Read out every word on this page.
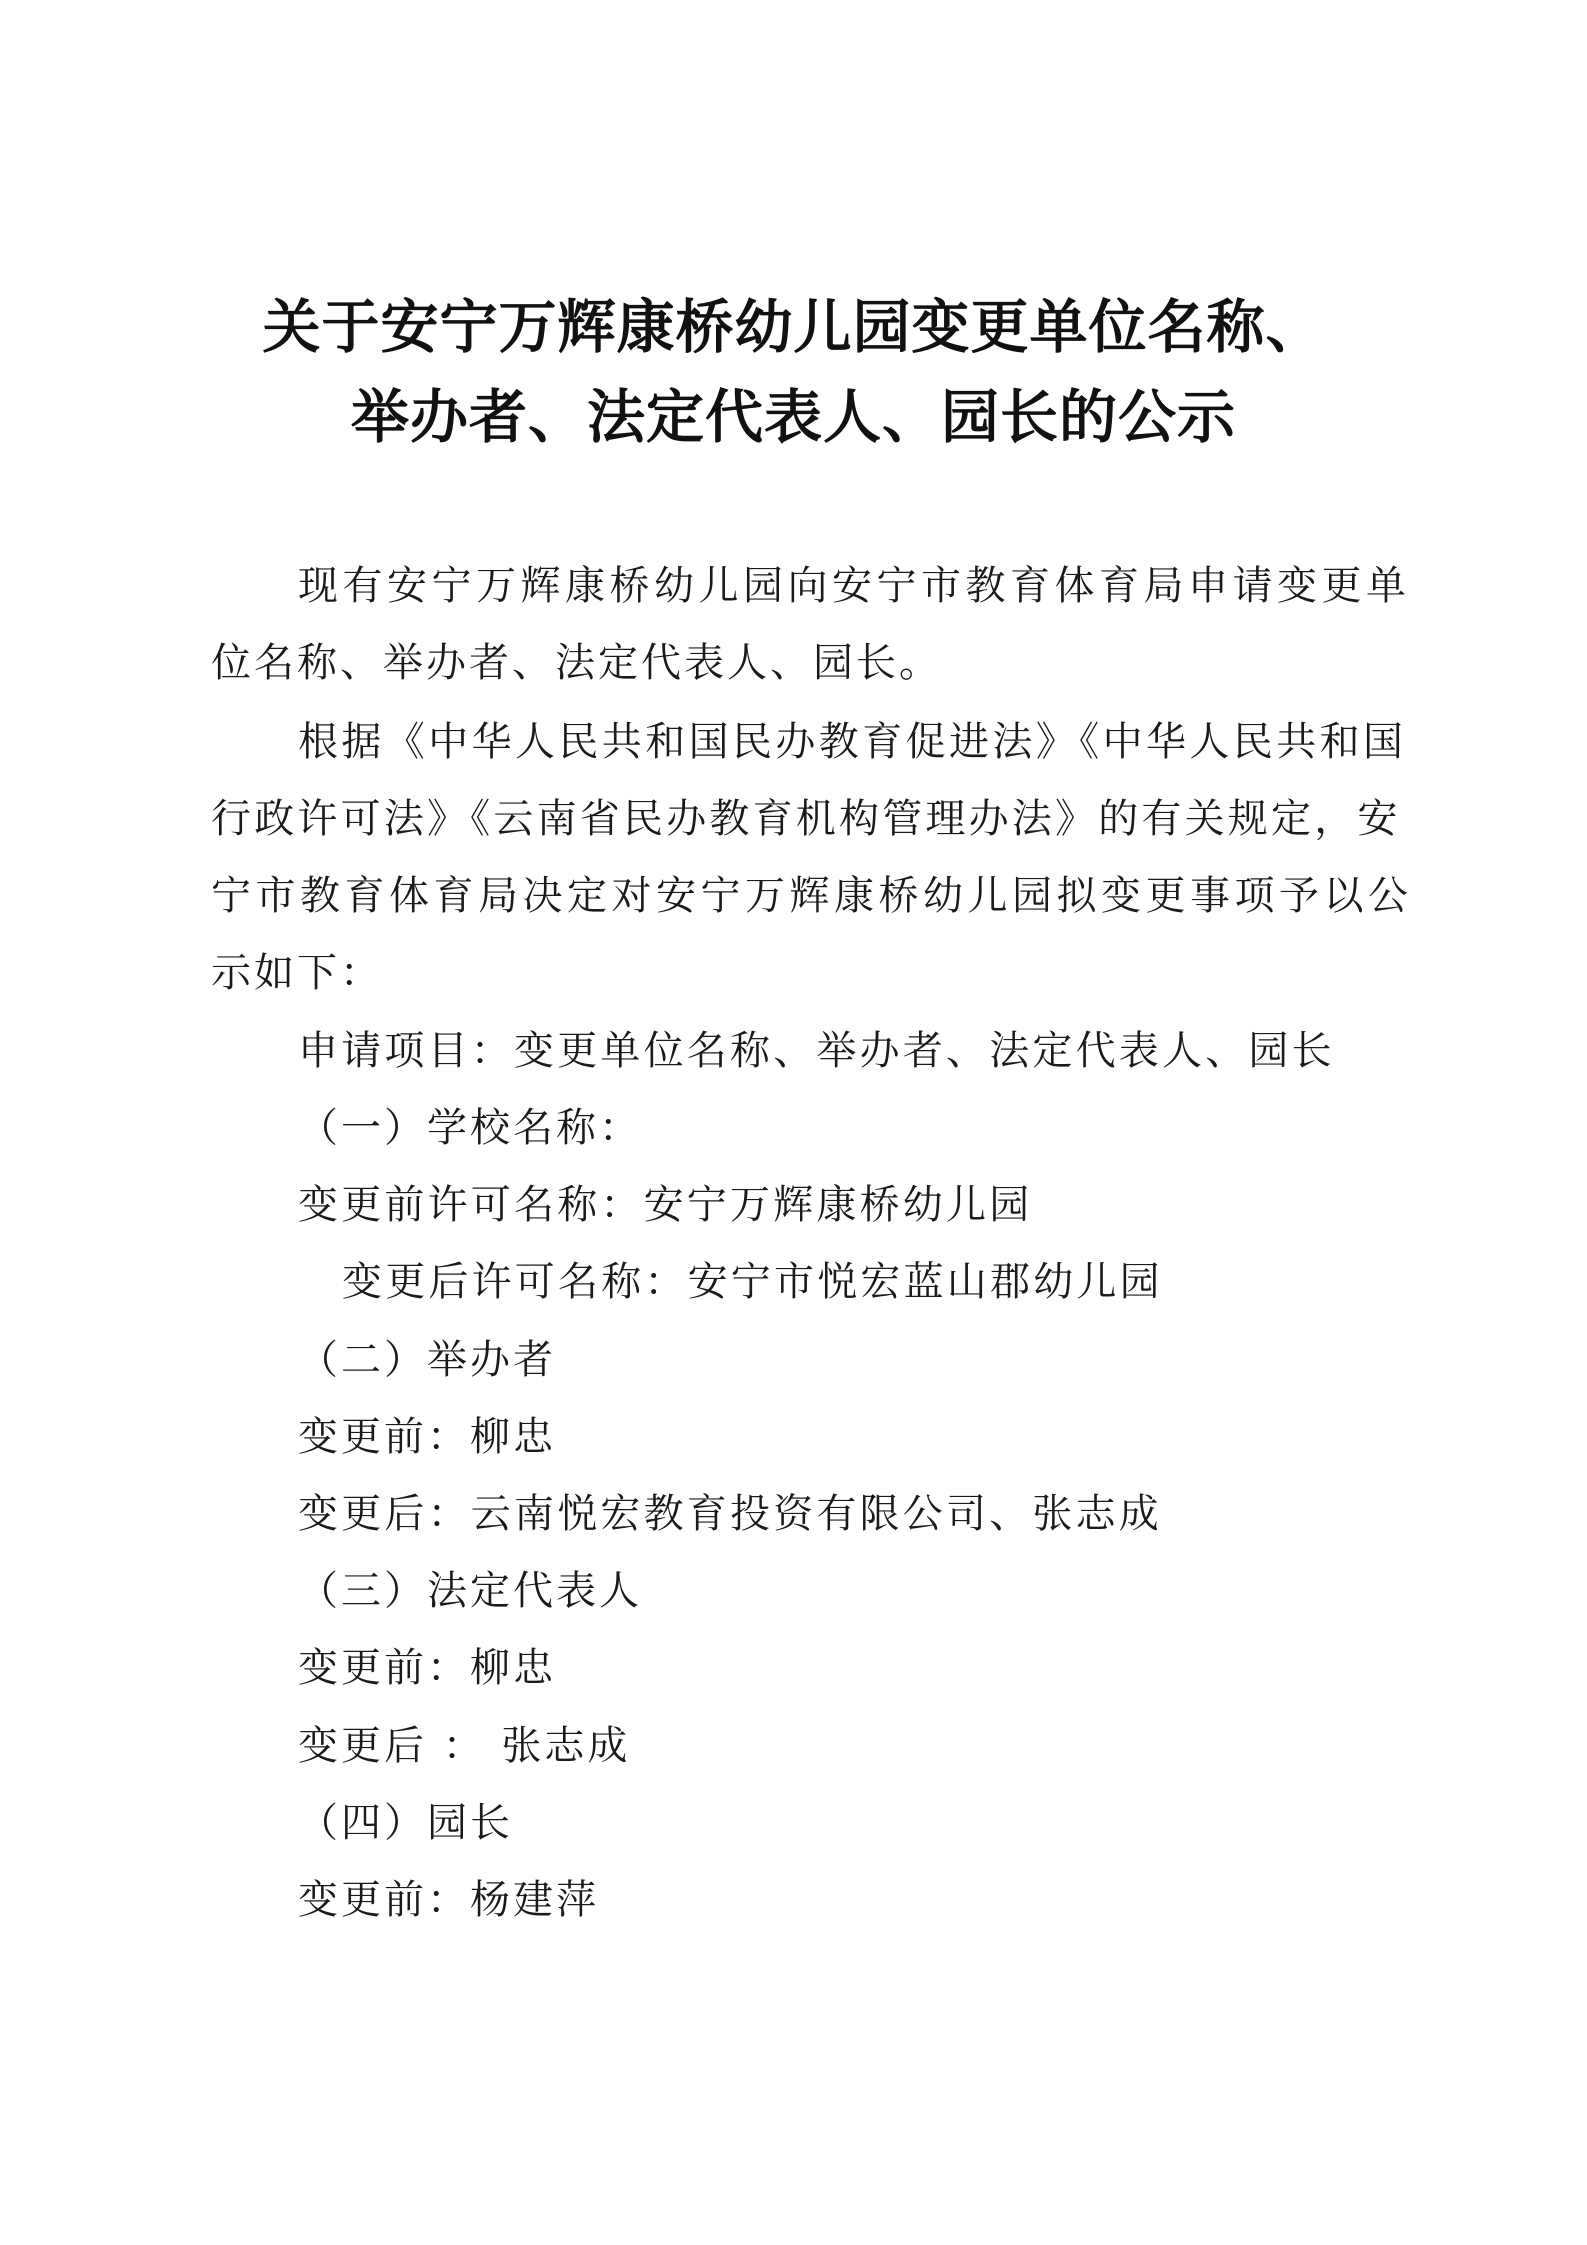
关于安宁万辉康桥幼儿园变更单位名称、
举办者、法定代表人、园长的公示
现有安宁万辉康桥幼儿园向安宁市教育体育局申请变更单
位名称、举办者、法定代表人、园长。
根据《中华人民共和国民办教育促进法》《中华人民共和国
行政许可法》《云南省民办教育机构管理办法》的有关规定，安
宁市教育体育局决定对安宁万辉康桥幼儿园拟变更事项予以公
示如下：
申请项目：变更单位名称、举办者、法定代表人、园长
（一）学校名称：
变更前许可名称：安宁万辉康桥幼儿园
变更后许可名称：安宁市悦宏蓝山郡幼儿园
（二）举办者
变更前：柳忠
变更后：云南悦宏教育投资有限公司、张志成
（三）法定代表人
变更前：柳忠
变更后 ： 张志成
（四）园长
变更前：杨建萍
